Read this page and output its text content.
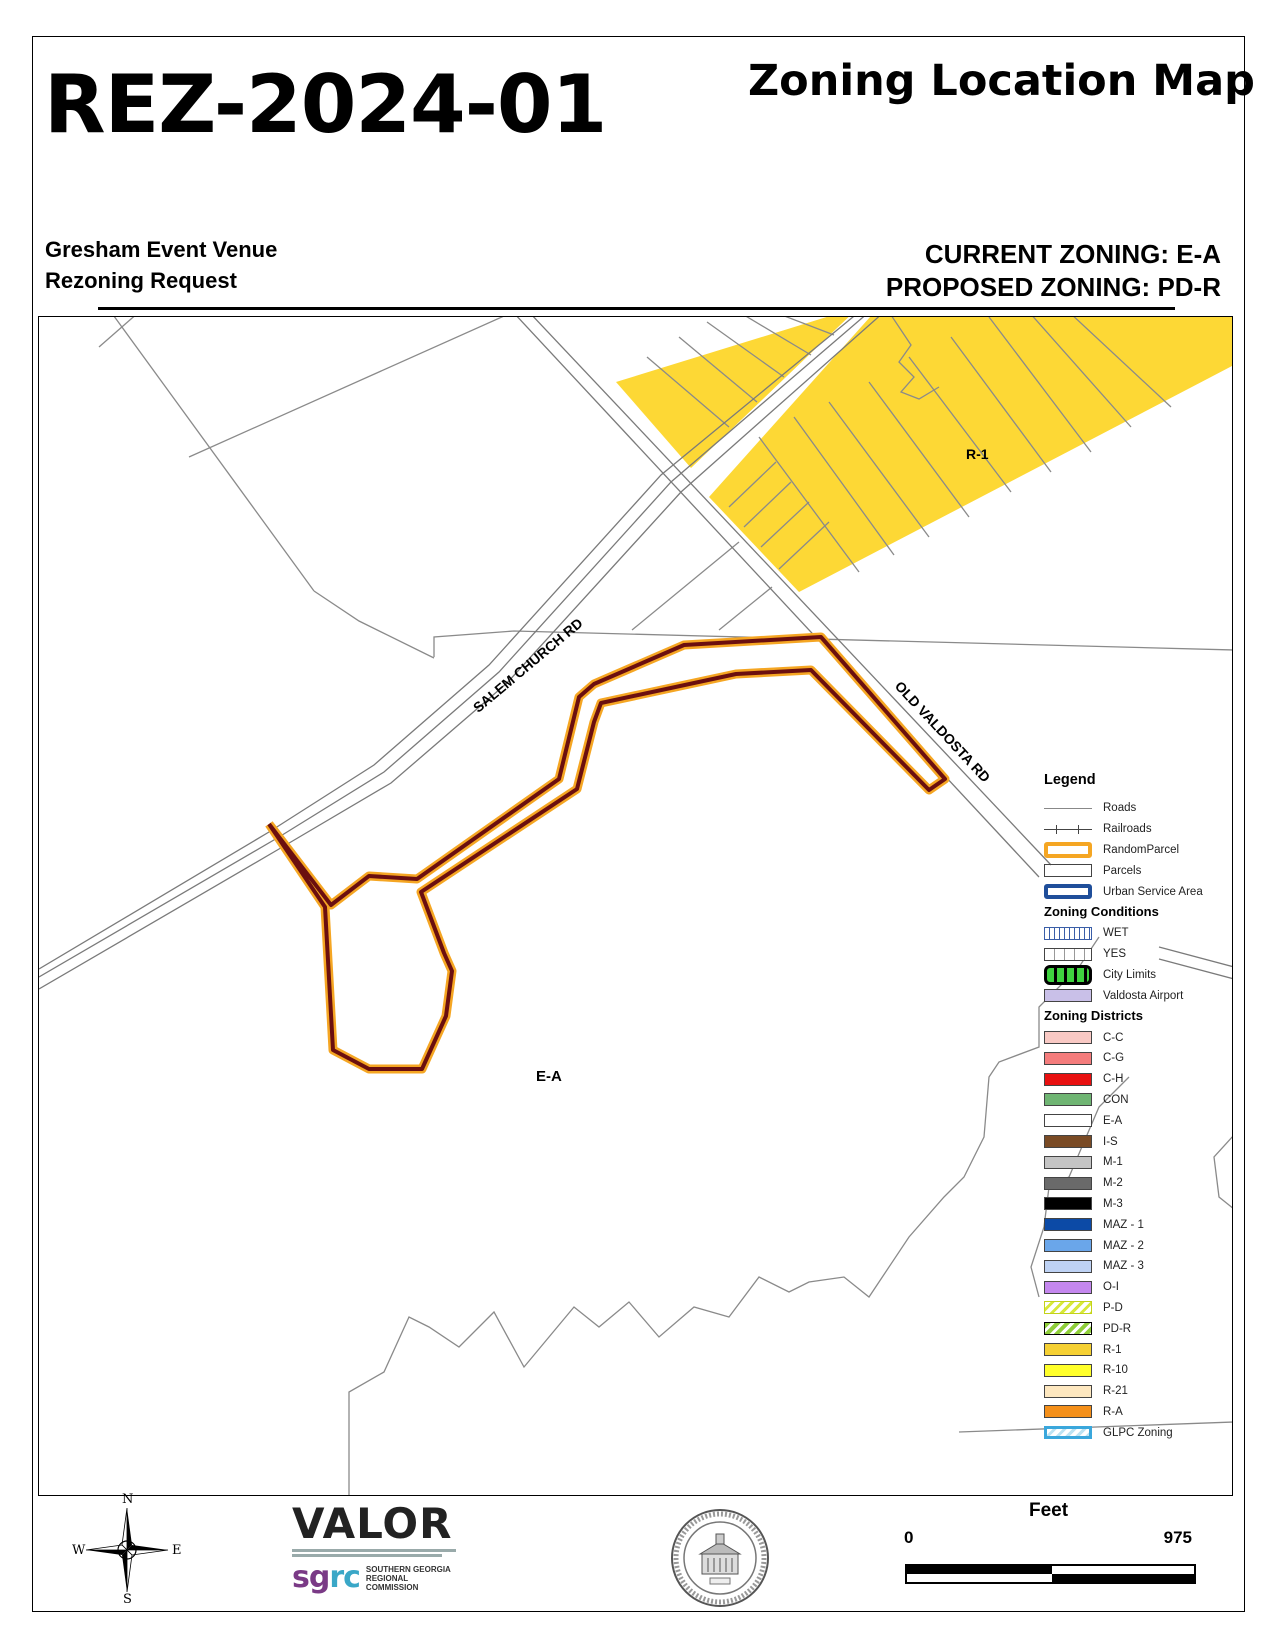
REZ-2024-01	Zoning Location Map
Gresham Event Venue
Rezoning Request
CURRENT ZONING: E-A
PROPOSED ZONING: PD-R
SALEM CHURCH RD
OLD VALDOSTA RD
R-1
E-A
Legend
Roads
Railroads
RandomParcel
Parcels
Urban Service Area
Zoning Conditions
WET
YES
City Limits
Valdosta Airport
Zoning Districts
C-C
C-G
C-H
CON
E-A
I-S
M-1
M-2
M-3
MAZ - 1
MAZ - 2
MAZ - 3
O-I
P-D
PD-R
R-1
R-10
R-21
R-A
GLPC Zoning
N
S
W	E
VALOR
sgrc SOUTHERN GEORGIA
REGIONAL COMMISSION
Feet
0	975
